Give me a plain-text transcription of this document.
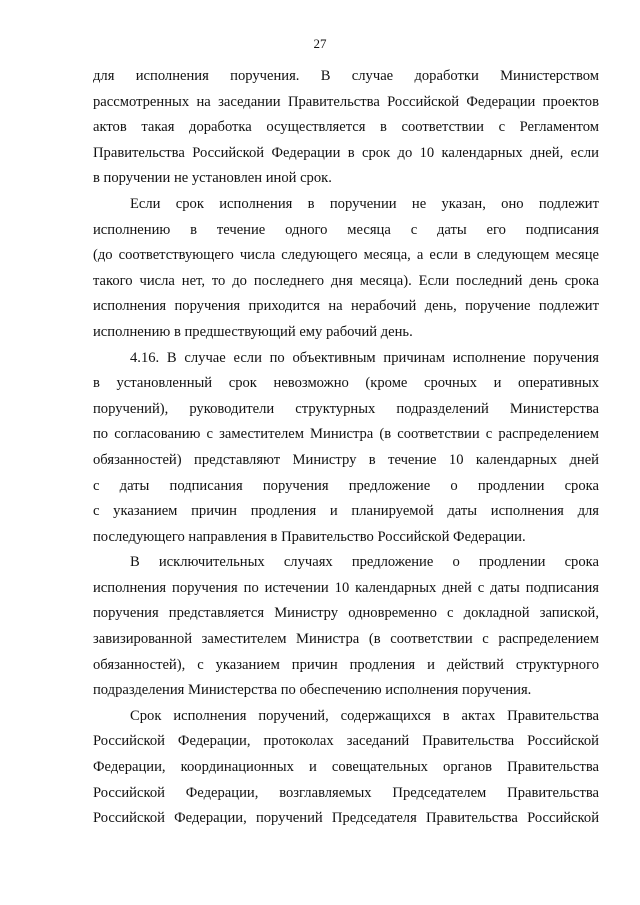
27
для исполнения поручения. В случае доработки Министерством
рассмотренных на заседании Правительства Российской Федерации проектов
актов такая доработка осуществляется в соответствии с Регламентом
Правительства Российской Федерации в срок до 10 календарных дней, если
в поручении не установлен иной срок.
Если срок исполнения в поручении не указан, оно подлежит
исполнению в течение одного месяца с даты его подписания
(до соответствующего числа следующего месяца, а если в следующем месяце
такого числа нет, то до последнего дня месяца). Если последний день срока
исполнения поручения приходится на нерабочий день, поручение подлежит
исполнению в предшествующий ему рабочий день.
4.16. В случае если по объективным причинам исполнение поручения
в установленный срок невозможно (кроме срочных и оперативных
поручений), руководители структурных подразделений Министерства
по согласованию с заместителем Министра (в соответствии с распределением
обязанностей) представляют Министру в течение 10 календарных дней
с даты подписания поручения предложение о продлении срока
с указанием причин продления и планируемой даты исполнения для
последующего направления в Правительство Российской Федерации.
В исключительных случаях предложение о продлении срока
исполнения поручения по истечении 10 календарных дней с даты подписания
поручения представляется Министру одновременно с докладной запиской,
завизированной заместителем Министра (в соответствии с распределением
обязанностей), с указанием причин продления и действий структурного
подразделения Министерства по обеспечению исполнения поручения.
Срок исполнения поручений, содержащихся в актах Правительства
Российской Федерации, протоколах заседаний Правительства Российской
Федерации, координационных и совещательных органов Правительства
Российской Федерации, возглавляемых Председателем Правительства
Российской Федерации, поручений Председателя Правительства Российской
